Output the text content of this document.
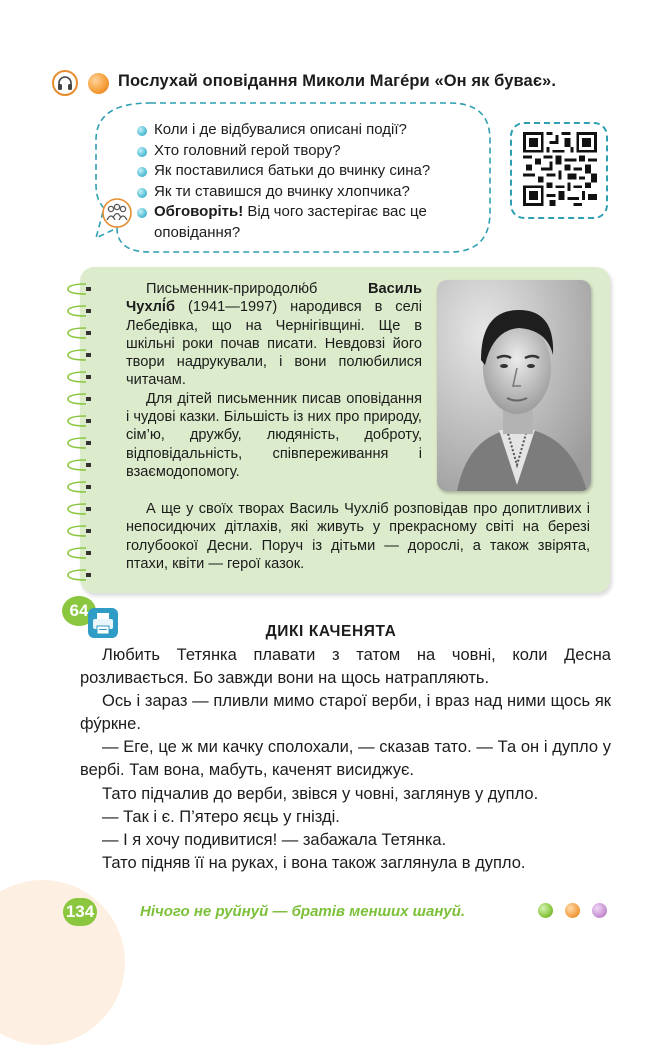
Послухай оповідання Миколи Магéри «Он як буває».
Коли і де відбувалися описані події?
Хто головний герой твору?
Як поставилися батьки до вчинку сина?
Як ти ставишся до вчинку хлопчика?
Обговоріть! Від чого застерігає вас це оповідання?

Письменник-природолю́б Василь Чухлі́б (1941—1997) народився в селі Лебедівка, що на Чернігівщині. Ще в шкільні роки почав писати. Невдовзі його твори надрукували, і вони полюбилися читачам.

Для дітей письменник писав оповідання і чудові казки. Більшість із них про природу, сім’ю, дружбу, людяність, доброту, відповідальність, співпереживання і взаємодопомогу.

А ще у своїх творах Василь Чухліб розповідав про допитливих і непосидючих дітлахів, які живуть у прекрасному світі на березі голубоокої Десни. Поруч із дітьми — дорослі, а також звірята, птахи, квіти — герої казок.

64
ДИКІ КАЧЕНЯТА

Любить Тетянка плавати з татом на човні, коли Десна розливається. Бо завжди вони на щось натрапляють.

Ось і зараз — пливли мимо старої верби, і враз над ними щось як фу́ркне.

— Еге, це ж ми качку сполохали, — сказав тато. — Та он і дупло у вербі. Там вона, мабуть, каченят висиджує.

Тато підчалив до верби, звівся у човні, заглянув у дупло.

— Так і є. П’ятеро яєць у гнізді.

— І я хочу подивитися! — забажала Тетянка.

Тато підняв її на руках, і вона також заглянула в дупло.

134	Нічого не руйнуй — братів менших шануй.
